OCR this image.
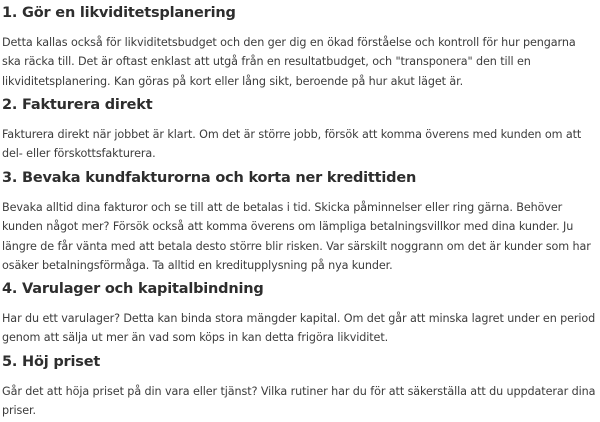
1. Gör en likviditetsplanering

Detta kallas också för likviditetsbudget och den ger dig en ökad förståelse och kontroll för hur pengarna ska räcka till. Det är oftast enklast att utgå från en resultatbudget, och "transponera" den till en likviditetsplanering. Kan göras på kort eller lång sikt, beroende på hur akut läget är.

2. Fakturera direkt

Fakturera direkt när jobbet är klart. Om det är större jobb, försök att komma överens med kunden om att del- eller förskottsfakturera.

3. Bevaka kundfakturorna och korta ner kredittiden

Bevaka alltid dina fakturor och se till att de betalas i tid. Skicka påminnelser eller ring gärna. Behöver kunden något mer? Försök också att komma överens om lämpliga betalningsvillkor med dina kunder. Ju längre de får vänta med att betala desto större blir risken. Var särskilt noggrann om det är kunder som har osäker betalningsförmåga. Ta alltid en kreditupplysning på nya kunder.

4. Varulager och kapitalbindning

Har du ett varulager? Detta kan binda stora mängder kapital. Om det går att minska lagret under en period genom att sälja ut mer än vad som köps in kan detta frigöra likviditet.

5. Höj priset

Går det att höja priset på din vara eller tjänst? Vilka rutiner har du för att säkerställa att du uppdaterar dina priser.
